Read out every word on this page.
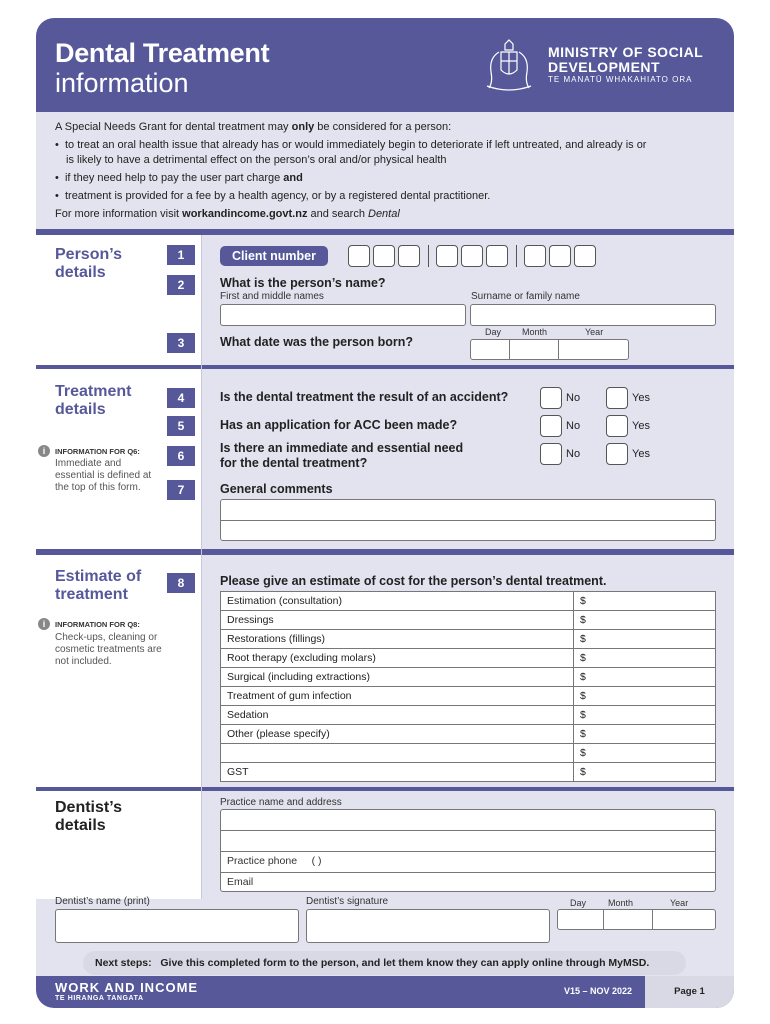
Dental Treatment
information
MINISTRY OF SOCIAL
DEVELOPMENT
TE MANATŪ WHAKAHIATO ORA

A Special Needs Grant for dental treatment may only be considered for a person:

•  to treat an oral health issue that already has or would immediately begin to deteriorate if left untreated, and already is or

is likely to have a detrimental effect on the person’s oral and/or physical health

•  if they need help to pay the user part charge and

•  treatment is provided for a fee by a health agency, or by a registered dental practitioner.

For more information visit workandincome.govt.nz and search Dental

Person’s
details
1
2
3
Client number
What is the person’s name?
First and middle names	Surname or family name
What date was the person born?
Day Month	Year
Treatment
details
4
5
6
7
Is the dental treatment the result of an accident?	No	Yes
Has an application for ACC been made?	No	Yes
Is there an immediate and essential need
for the dental treatment?
No	Yes
i	INFORMATION FOR Q6:
Immediate and
essential is defined at
the top of this form.	General comments
Estimate of
treatment
8	Please give an estimate of cost for the person’s dental treatment.
i	INFORMATION FOR Q8:
Check-ups, cleaning or
cosmetic treatments are
not included.
Estimation (consultation)	$
Dressings	$
Restorations (fillings)	$
Root therapy (excluding molars)	$
Surgical (including extractions)	$
Treatment of gum infection	$
Sedation	$
Other (please specify)	$
	$
GST	$
Dentist’s
details
Practice name and address
Practice phone ( )
Email
Dentist’s name (print)	Dentist’s signature	Day Month	Year
Next steps: Give this completed form to the person, and let them know they can apply online through MyMSD.
WORK AND INCOME
TE HIRANGA TANGATA
V15 – NOV 2022	Page 1
